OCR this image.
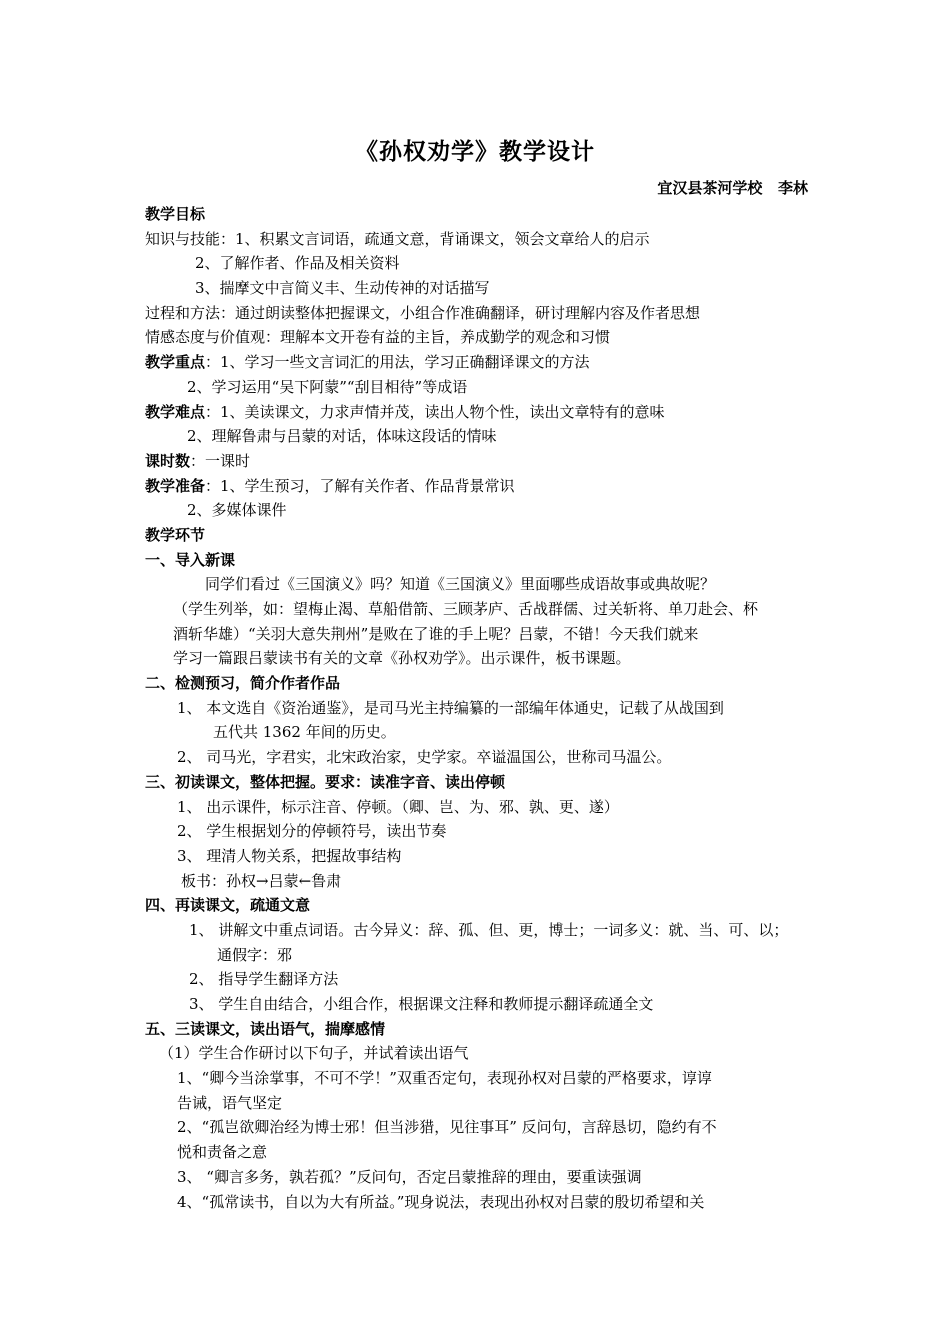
《孙权劝学》教学设计
宜汉县茶河学校   李林
教学目标
知识与技能：1、积累文言词语，疏通文意，背诵课文，领会文章给人的启示
2、了解作者、作品及相关资料
3、揣摩文中言简义丰、生动传神的对话描写
过程和方法：通过朗读整体把握课文，小组合作准确翻译，研讨理解内容及作者思想
情感态度与价值观：理解本文开卷有益的主旨，养成勤学的观念和习惯
教学重点：1、学习一些文言词汇的用法，学习正确翻译课文的方法
2、学习运用“吴下阿蒙”“刮目相待”等成语
教学难点：1、美读课文，力求声情并茂，读出人物个性，读出文章特有的意味
2、理解鲁肃与吕蒙的对话，体味这段话的情味
课时数：一课时
教学准备：1、学生预习，了解有关作者、作品背景常识
2、多媒体课件
教学环节
一、导入新课
同学们看过《三国演义》吗？知道《三国演义》里面哪些成语故事或典故呢？
（学生列举，如：望梅止渴、草船借箭、三顾茅庐、舌战群儒、过关斩将、单刀赴会、杯
酒斩华雄）“关羽大意失荆州”是败在了谁的手上呢？吕蒙，不错！今天我们就来
学习一篇跟吕蒙读书有关的文章《孙权劝学》。出示课件，板书课题。
二、检测预习，简介作者作品
1、 本文选自《资治通鉴》，是司马光主持编纂的一部编年体通史，记载了从战国到
五代共 1362 年间的历史。
2、 司马光，字君实，北宋政治家，史学家。卒谥温国公，世称司马温公。
三、初读课文，整体把握。要求：读准字音、读出停顿
1、 出示课件，标示注音、停顿。（卿、岂、为、邪、孰、更、遂）
2、 学生根据划分的停顿符号，读出节奏
3、 理清人物关系，把握故事结构
板书：孙权→吕蒙←鲁肃
四、再读课文，疏通文意
1、 讲解文中重点词语。古今异义：辞、孤、但、更，博士；一词多义：就、当、可、以；
通假字：邪
2、 指导学生翻译方法
3、 学生自由结合，小组合作，根据课文注释和教师提示翻译疏通全文
五、三读课文，读出语气，揣摩感情
（1）学生合作研讨以下句子，并试着读出语气
1、“卿今当涂掌事，不可不学！”双重否定句，表现孙权对吕蒙的严格要求，谆谆
告诫，语气坚定
2、“孤岂欲卿治经为博士邪！但当涉猎，见往事耳” 反问句，言辞恳切，隐约有不
悦和责备之意
3、 “卿言多务，孰若孤？”反问句，否定吕蒙推辞的理由，要重读强调
4、“孤常读书，自以为大有所益。”现身说法，表现出孙权对吕蒙的殷切希望和关
